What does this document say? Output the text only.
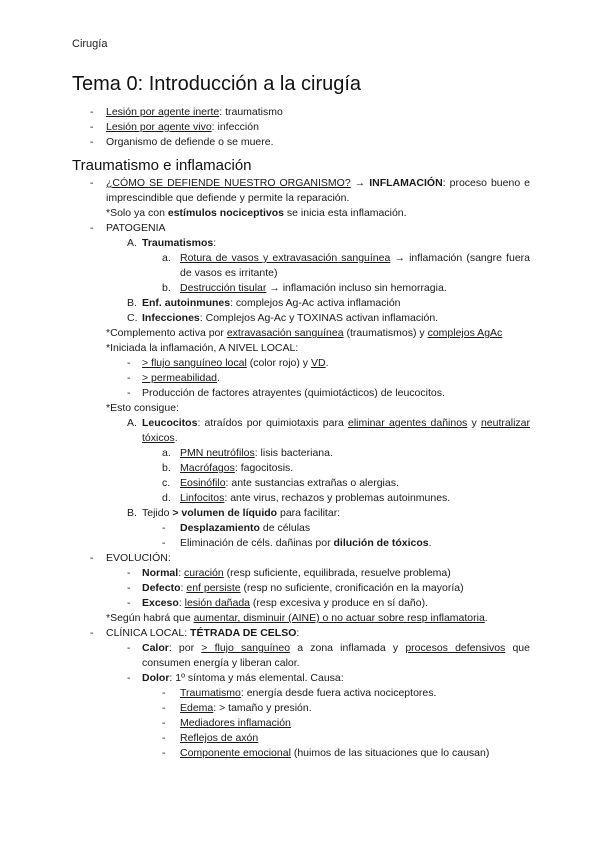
Cirugía
Tema 0: Introducción a la cirugía
-	Lesión por agente inerte: traumatismo
-	Lesión por agente vivo: infección
-	Organismo de defiende o se muere.
Traumatismo e inflamación
-	¿CÓMO SE DEFIENDE NUESTRO ORGANISMO? → INFLAMACIÓN: proceso bueno e imprescindible que defiende y permite la reparación.
*Solo ya con estímulos nociceptivos se inicia esta inflamación.
-	PATOGENIA
A. Traumatismos:
a. Rotura de vasos y extravasación sanguínea → inflamación (sangre fuera de vasos es irritante)
b. Destrucción tisular → inflamación incluso sin hemorragia.
B. Enf. autoinmunes: complejos Ag-Ac activa inflamación
C. Infecciones: Complejos Ag-Ac y TOXINAS activan inflamación.
*Complemento activa por extravasación sanguínea (traumatismos) y complejos AgAc
*Iniciada la inflamación, A NIVEL LOCAL:
-	> flujo sanguíneo local (color rojo) y VD.
-	> permeabilidad.
-	Producción de factores atrayentes (quimiotácticos) de leucocitos.
*Esto consigue:
A. Leucocitos: atraídos por quimiotaxis para eliminar agentes dañinos y neutralizar tóxicos.
a. PMN neutrófilos: lisis bacteriana.
b. Macrófagos: fagocitosis.
c. Eosinófilo: ante sustancias extrañas o alergias.
d. Linfocitos: ante virus, rechazos y problemas autoinmunes.
B. Tejido > volumen de líquido para facilitar:
-	Desplazamiento de células
-	Eliminación de céls. dañinas por dilución de tóxicos.
-	EVOLUCIÓN:
-	Normal: curación (resp suficiente, equilibrada, resuelve problema)
-	Defecto: enf persiste (resp no suficiente, cronificación en la mayoría)
-	Exceso: lesión dañada (resp excesiva y produce en sí daño).
*Según habrá que aumentar, disminuir (AINE) o no actuar sobre resp inflamatoria.
-	CLÍNICA LOCAL: TÉTRADA DE CELSO:
-	Calor: por > flujo sanguíneo a zona inflamada y procesos defensivos que consumen energía y liberan calor.
-	Dolor: 1º síntoma y más elemental. Causa:
-	Traumatismo: energía desde fuera activa nociceptores.
-	Edema: > tamaño y presión.
-	Mediadores inflamación
-	Reflejos de axón
-	Componente emocional (huimos de las situaciones que lo causan)
